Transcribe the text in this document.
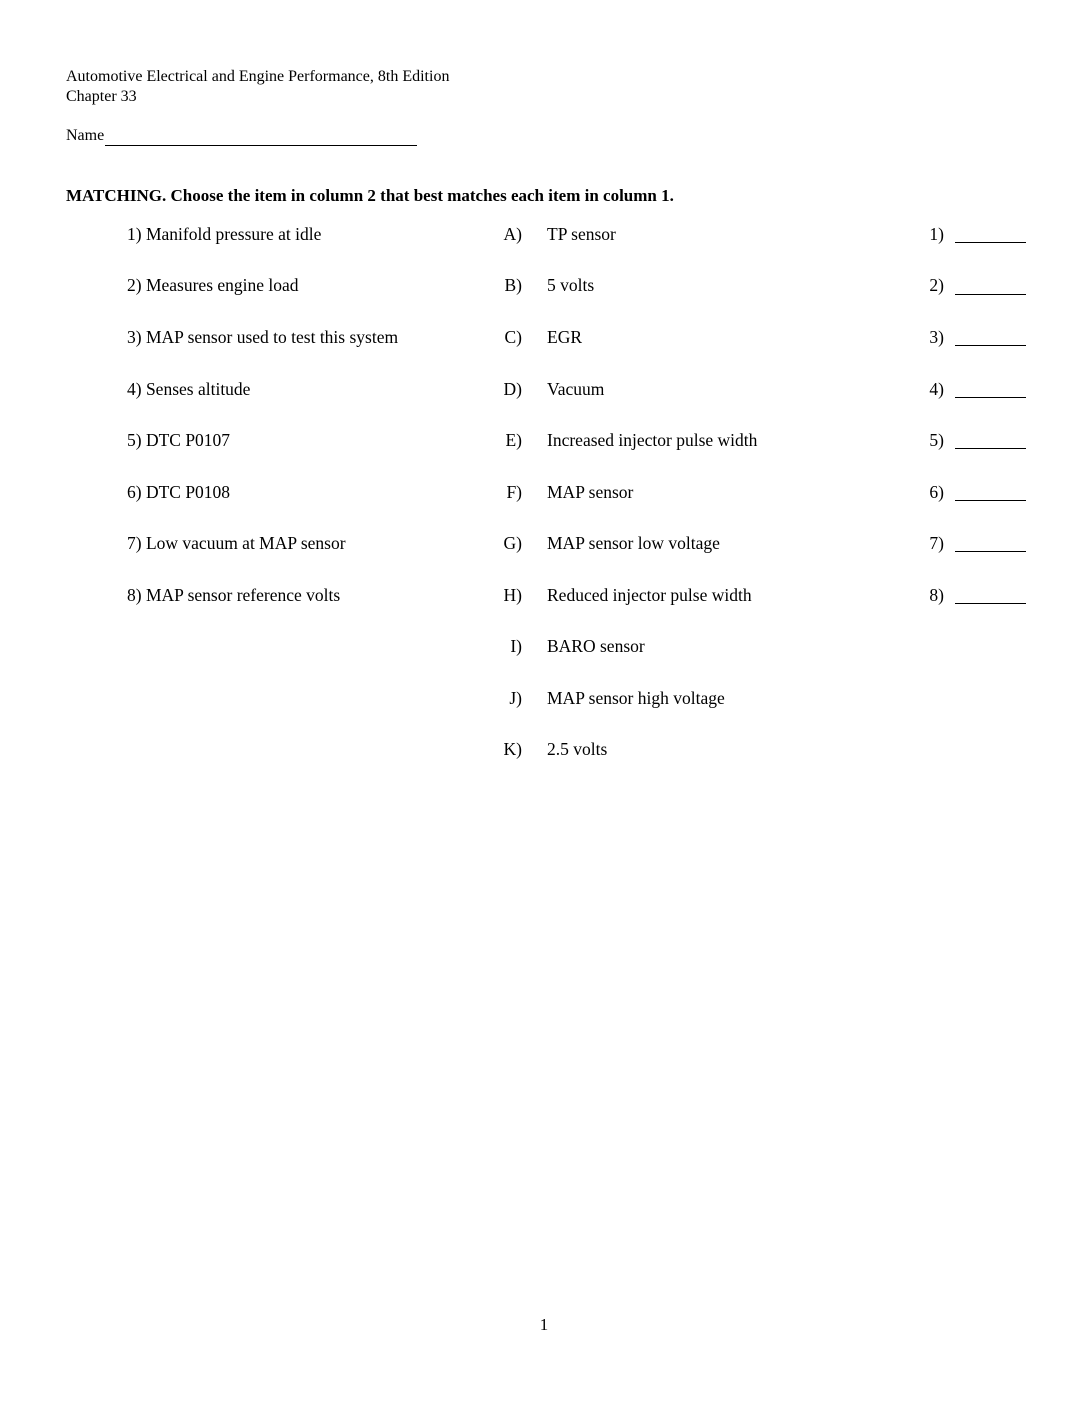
Automotive Electrical and Engine Performance, 8th Edition
Chapter 33
Name
MATCHING. Choose the item in column 2 that best matches each item in column 1.
1) Manifold pressure at idle
2) Measures engine load
3) MAP sensor used to test this system
4) Senses altitude
5) DTC P0107
6) DTC P0108
7) Low vacuum at MAP sensor
8) MAP sensor reference volts
A)
B)
C)
D)
E)
F)
G)
H)
I)
J)
K)
TP sensor
5 volts
EGR
Vacuum
Increased injector pulse width
MAP sensor
MAP sensor low voltage
Reduced injector pulse width
BARO sensor
MAP sensor high voltage
2.5 volts
1)
2)
3)
4)
5)
6)
7)
8)
1
